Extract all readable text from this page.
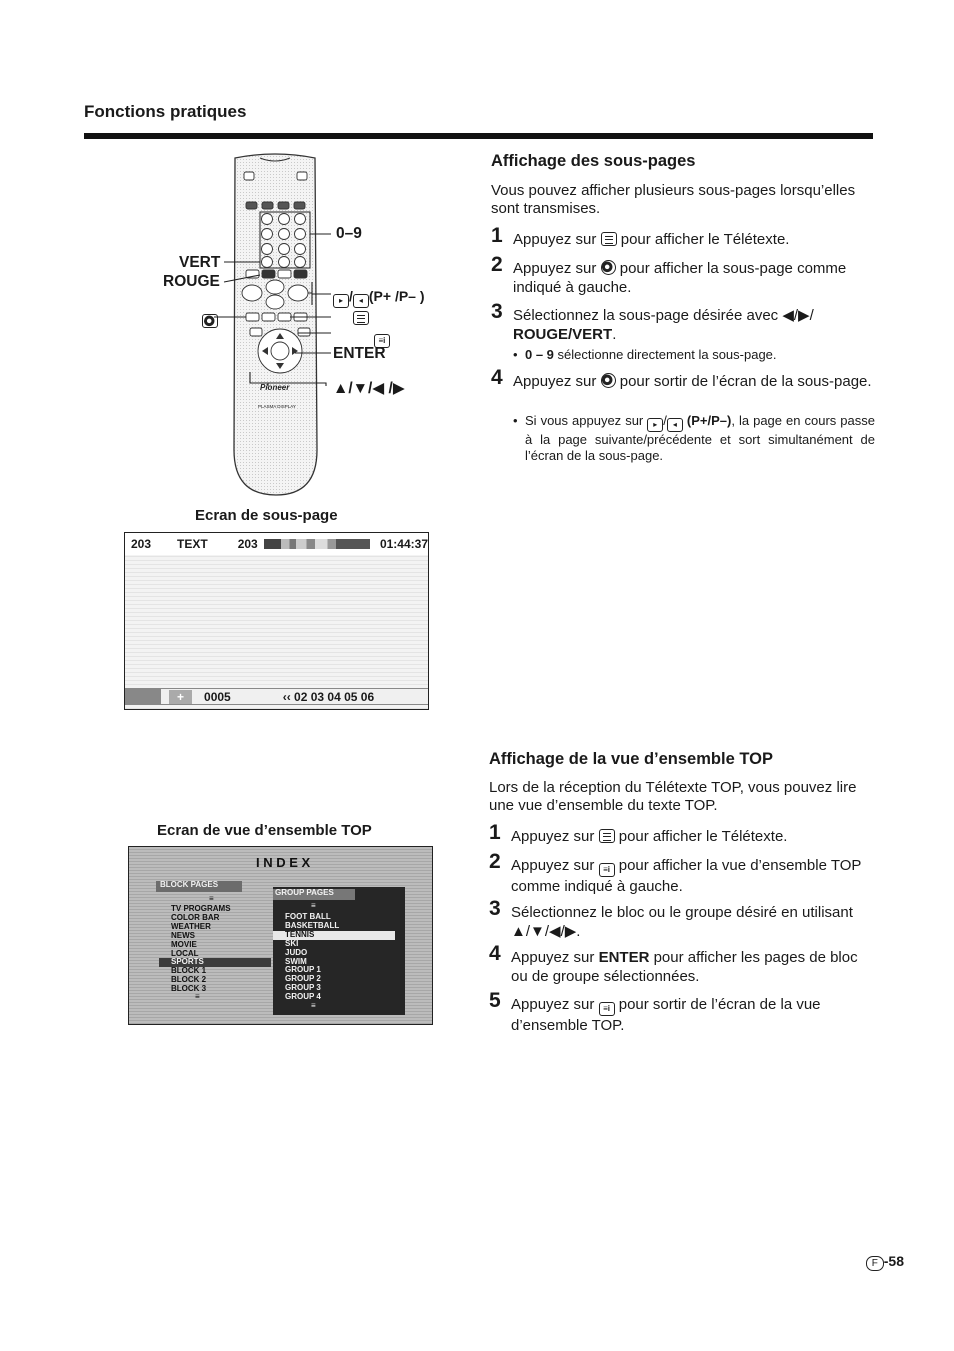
Fonctions pratiques
Pioneer
PLASMA DISPLAY
VERT
ROUGE
0–9
▸ / ◂ (P+ /P– )

≡i
ENTER
▲/▼/◀ /▶
Affichage des sous-pages
Vous pouvez afficher plusieurs sous-pages lorsqu’elles sont transmises.
1 Appuyez sur pour afficher le Télétexte.
2 Appuyez sur pour afficher la sous-page comme indiqué à gauche.
3 Sélectionnez la sous-page désirée avec ◀/▶/ ROUGE/VERT.
• 0 – 9 sélectionne directement la sous-page.
4 Appuyez sur pour sortir de l’écran de la sous-page.
• Si vous appuyez sur ▸ / ◂ (P+/P–), la page en cours passe à la page suivante/précédente et sort simultanément de l’écran de la sous-page.
Ecran de sous-page
203 TEXT	203	01:44:37
+	0005	‹‹ 02 03 04 05 06
Affichage de la vue d’ensemble TOP
Lors de la réception du Télétexte TOP, vous pouvez lire une vue d’ensemble du texte TOP.
1 Appuyez sur pour afficher le Télétexte.
2 Appuyez sur ≡i pour afficher la vue d’ensemble TOP comme indiqué à gauche.
3 Sélectionnez le bloc ou le groupe désiré en utilisant ▲/▼/◀/▶.
4 Appuyez sur ENTER pour afficher les pages de bloc ou de groupe sélectionnées.
5 Appuyez sur ≡i pour sortir de l’écran de la vue d’ensemble TOP.
Ecran de vue d’ensemble TOP
I N D E X
BLOCK PAGES
GROUP PAGES
≡
≡
TV PROGRAMS
COLOR BAR
WEATHER
NEWS
MOVIE
LOCAL
SPORTS
BLOCK 1
BLOCK 2
BLOCK 3
≡
FOOT BALL
BASKETBALL
TENNIS
SKI
JUDO
SWIM
GROUP 1
GROUP 2
GROUP 3
GROUP 4
≡
F -58
